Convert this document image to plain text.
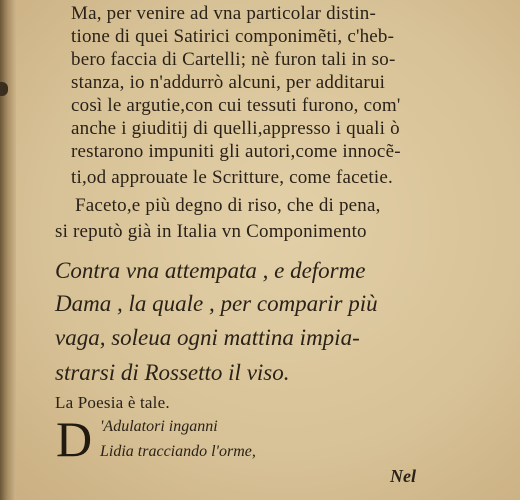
Ma, per venire ad vna particolar distin-
tione di quei Satirici componimẽti, c'heb-
bero faccia di Cartelli; nè furon tali in so-
stanza, io n'addurrò alcuni, per additarui
così le argutie,con cui tessuti furono, com'
anche i giuditij di quelli,appresso i quali ò
restarono impuniti gli autori,come innocẽ-
ti,od approuate le Scritture, come facetie.
Faceto,e più degno di riso, che di pena,
si reputò già in Italia vn Componimento
Contra vna attempata , e deforme
Dama , la quale , per comparir più
vaga, soleua ogni mattina impia-
strarsi di Rossetto il viso.
La Poesia è tale.
D 'Adulatori inganni
Lidia tracciando l'orme,
Nel
